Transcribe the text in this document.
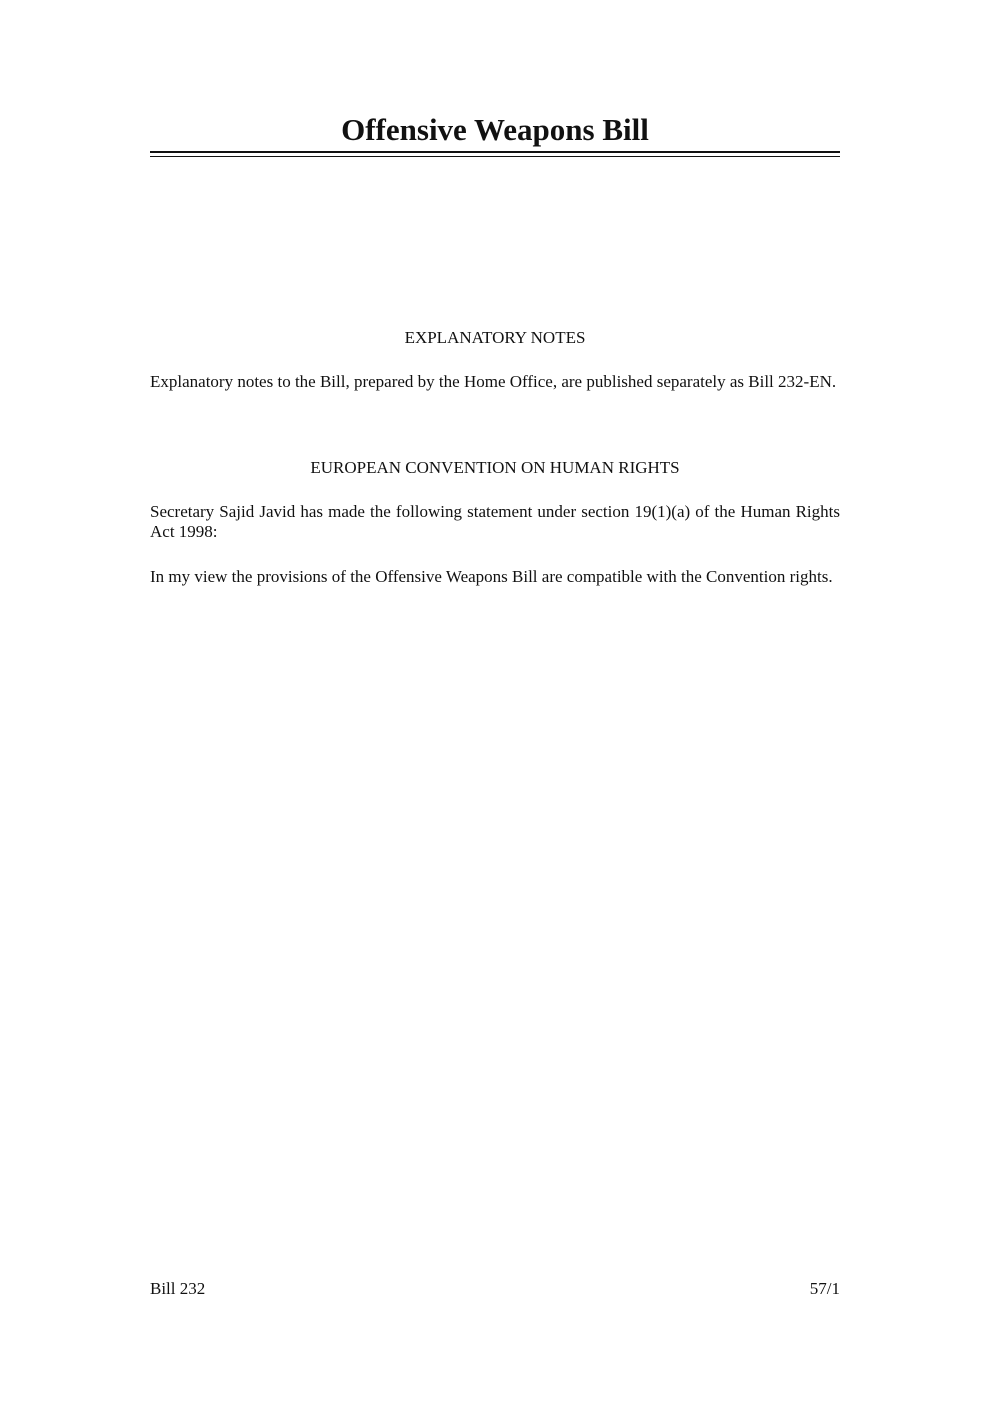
Offensive Weapons Bill
EXPLANATORY NOTES

Explanatory notes to the Bill, prepared by the Home Office, are published separately as Bill 232-EN.

EUROPEAN CONVENTION ON HUMAN RIGHTS

Secretary Sajid Javid has made the following statement under section 19(1)(a) of the Human Rights Act 1998:

In my view the provisions of the Offensive Weapons Bill are compatible with the Convention rights.

Bill 232	57/1
